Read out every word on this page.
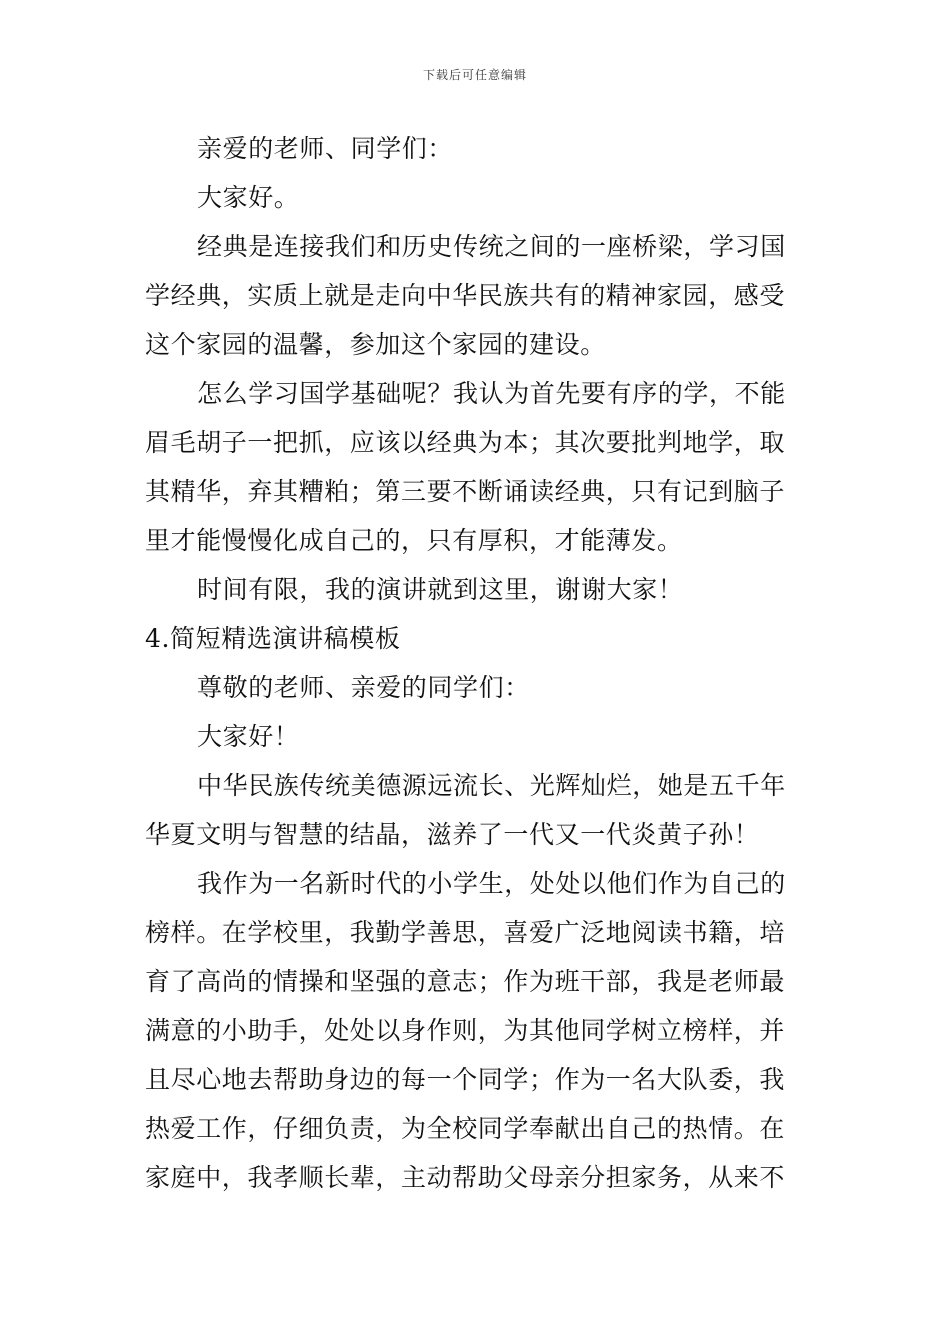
下载后可任意编辑
亲爱的老师、同学们：
大家好。
经典是连接我们和历史传统之间的一座桥梁，学习国
学经典，实质上就是走向中华民族共有的精神家园，感受
这个家园的温馨，参加这个家园的建设。
怎么学习国学基础呢？我认为首先要有序的学，不能
眉毛胡子一把抓，应该以经典为本；其次要批判地学，取
其精华，弃其糟粕；第三要不断诵读经典，只有记到脑子
里才能慢慢化成自己的，只有厚积，才能薄发。
时间有限，我的演讲就到这里，谢谢大家！
4.简短精选演讲稿模板
尊敬的老师、亲爱的同学们：
大家好！
中华民族传统美德源远流长、光辉灿烂，她是五千年
华夏文明与智慧的结晶，滋养了一代又一代炎黄子孙！
我作为一名新时代的小学生，处处以他们作为自己的
榜样。在学校里，我勤学善思，喜爱广泛地阅读书籍，培
育了高尚的情操和坚强的意志；作为班干部，我是老师最
满意的小助手，处处以身作则，为其他同学树立榜样，并
且尽心地去帮助身边的每一个同学；作为一名大队委，我
热爱工作，仔细负责，为全校同学奉献出自己的热情。在
家庭中，我孝顺长辈，主动帮助父母亲分担家务，从来不
